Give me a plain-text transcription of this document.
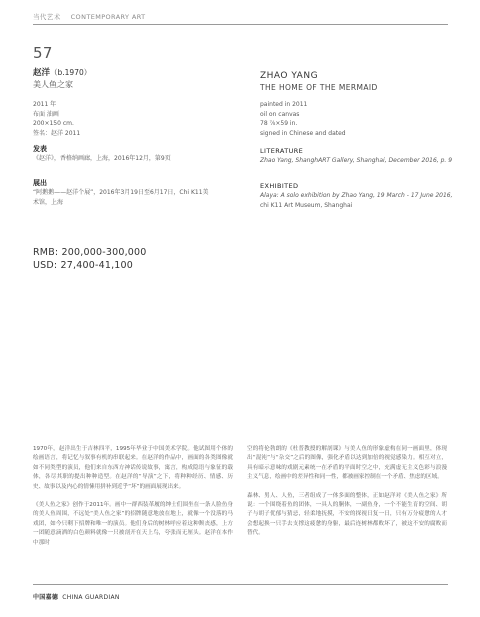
当代艺术 CONTEMPORARY ART
57
赵洋（b.1970）
美人鱼之家
2011 年
布面 油画
200×150 cm.
签名：赵洋 2011
发表
《赵洋》，香格纳画廊，上海，2016年12月，第9页
展出
“阿鹅鹅——赵洋个展”，2016年3月19日至6月17日，Chi K11美
术馆，上海
RMB: 200,000-300,000
USD: 27,400-41,100
ZHAO YANG
THE HOME OF THE MERMAID
painted in 2011
oil on canvas
78 ⅞×59 in.
signed in Chinese and dated
LITERATURE
Zhao Yang, ShanghART Gallery, Shanghai, December 2016, p. 9
EXHIBITED
Alaya: A solo exhibition by Zhao Yang, 19 March - 17 June 2016,
chi K11 Art Museum, Shanghai

1970年，赵洋出生于吉林四平，1995年毕业于中国美术学院。他试图用个体的绘画语言，将记忆与叙事有机的串联起来。在赵洋的作品中，画面的各类图像就如不同类型的演员，他们来自东西方神话传说故事，寓言，构成隐语与象征的载体，各尽其职的提出种种造型。在赵洋的“导演”之下，将种种经历、情感、历史、故事以及内心的情愫用拼补到近乎“坏”的画面展现出来。

《美人鱼之家》创作于2011年。画中一群西装革履的绅士们围坐在一条人脸鱼身的美人鱼周围，不远处“美人鱼之家”的招牌随意地放在地上，就像一个没落的马戏团，如今只剩下招牌和唯一的演员。他们身后的树林呼应着这种颓丧感，上方一团随意滴洒的白色颜料就像一只被剖开在天上鸟，夸张而无厘头。赵洋在本作中那时

空的将伦勃朗的《杜普教授的解剖课》与美人鱼的形象虚构在同一画面里，体现出“混沌”与“杂交”之后的图像，强化矛盾以达到加倍的视觉感染力。相互对立，具有暗示意味的戏剧元素统一在矛盾的平面时空之中，充满虚无主义色彩与浪漫主义气息，绘画中的差异性和同一性，都被画家控制在一个矛盾、焦虑的区域。

森林、男人、人鱼，三者组成了一体多面的整体，正如赵洋对《美人鱼之家》所说：一个围绕着鱼的团体，一具人的胴体，一副鱼身，一个不能生育的空间、胡子与胡子优郁与猜忌，轻柔地抚摸，不安的探视日复一日，只有万分疲惫的人才会想起换一只手去支撑这疲惫的身躯，最后连树林都败坏了，被这不安的腐败而替代。

中国嘉德 CHINA GUARDIAN
